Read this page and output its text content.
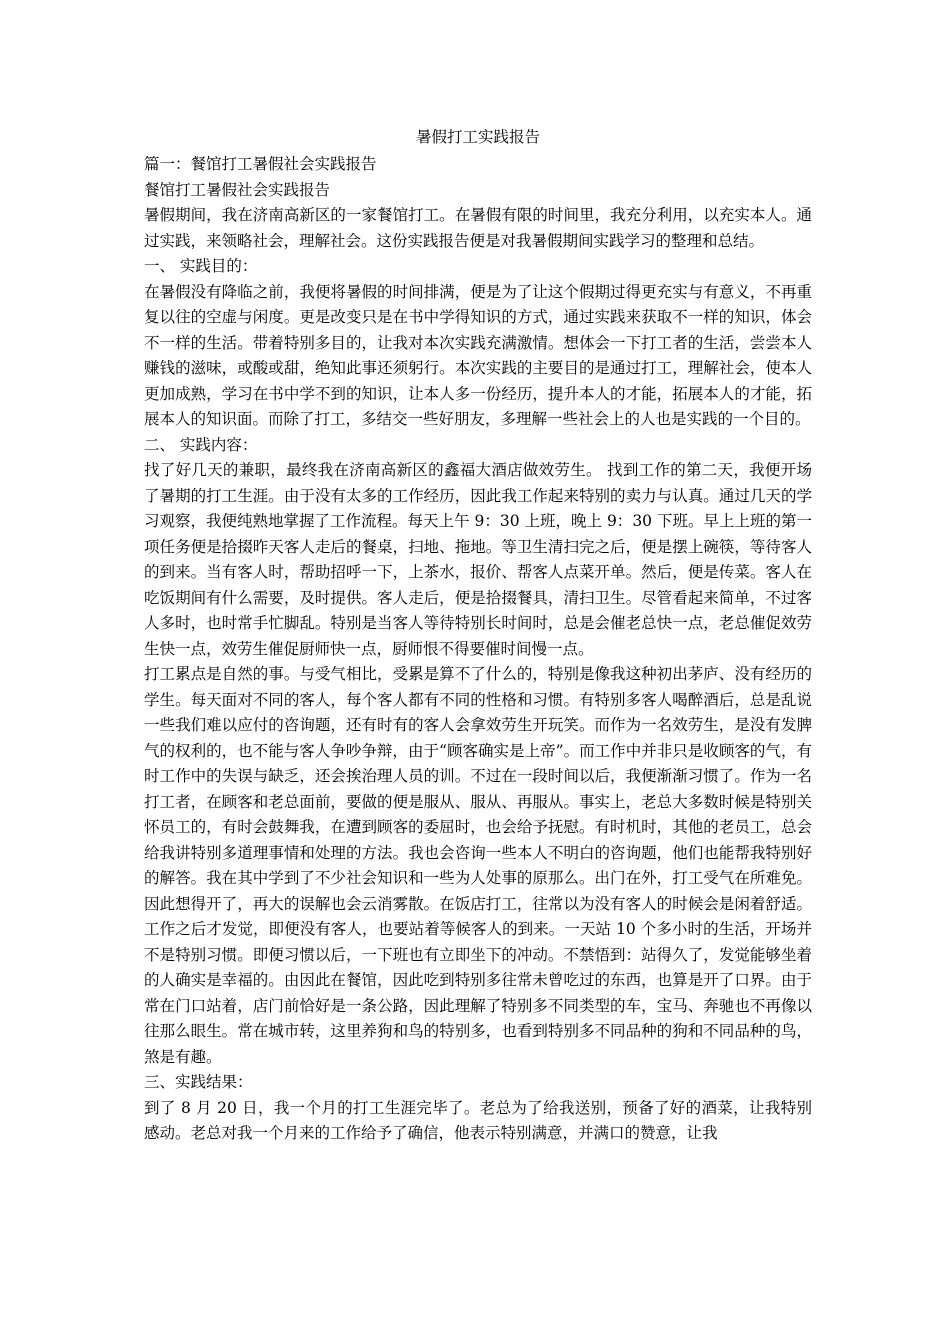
暑假打工实践报告

篇一：餐馆打工暑假社会实践报告

餐馆打工暑假社会实践报告

暑假期间，我在济南高新区的一家餐馆打工。在暑假有限的时间里，我充分利用，以充实本人。通过实践，来领略社会，理解社会。这份实践报告便是对我暑假期间实践学习的整理和总结。

一、 实践目的：

在暑假没有降临之前，我便将暑假的时间排满，便是为了让这个假期过得更充实与有意义，不再重复以往的空虚与闲度。更是改变只是在书中学得知识的方式，通过实践来获取不一样的知识，体会不一样的生活。带着特别多目的，让我对本次实践充满激情。想体会一下打工者的生活，尝尝本人赚钱的滋味，或酸或甜，绝知此事还须躬行。本次实践的主要目的是通过打工，理解社会，使本人更加成熟，学习在书中学不到的知识，让本人多一份经历，提升本人的才能，拓展本人的才能，拓展本人的知识面。而除了打工，多结交一些好朋友，多理解一些社会上的人也是实践的一个目的。

二、 实践内容：

找了好几天的兼职，最终我在济南高新区的鑫福大酒店做效劳生。 找到工作的第二天，我便开场了暑期的打工生涯。由于没有太多的工作经历，因此我工作起来特别的卖力与认真。通过几天的学习观察，我便纯熟地掌握了工作流程。每天上午 9：30 上班，晚上 9：30 下班。早上上班的第一项任务便是拾掇昨天客人走后的餐桌，扫地、拖地。等卫生清扫完之后，便是摆上碗筷，等待客人的到来。当有客人时，帮助招呼一下，上茶水，报价、帮客人点菜开单。然后，便是传菜。客人在吃饭期间有什么需要，及时提供。客人走后，便是拾掇餐具，清扫卫生。尽管看起来简单，不过客人多时，也时常手忙脚乱。特别是当客人等待特别长时间时，总是会催老总快一点，老总催促效劳生快一点，效劳生催促厨师快一点，厨师恨不得要催时间慢一点。

打工累点是自然的事。与受气相比，受累是算不了什么的，特别是像我这种初出茅庐、没有经历的学生。每天面对不同的客人，每个客人都有不同的性格和习惯。有特别多客人喝醉酒后，总是乱说一些我们难以应付的咨询题，还有时有的客人会拿效劳生开玩笑。而作为一名效劳生，是没有发脾气的权利的，也不能与客人争吵争辩，由于“顾客确实是上帝”。而工作中并非只是收顾客的气，有时工作中的失误与缺乏，还会挨治理人员的训。不过在一段时间以后，我便渐渐习惯了。作为一名打工者，在顾客和老总面前，要做的便是服从、服从、再服从。事实上，老总大多数时候是特别关怀员工的，有时会鼓舞我，在遭到顾客的委屈时，也会给予抚慰。有时机时，其他的老员工，总会给我讲特别多道理事情和处理的方法。我也会咨询一些本人不明白的咨询题，他们也能帮我特别好的解答。我在其中学到了不少社会知识和一些为人处事的原那么。出门在外，打工受气在所难免。因此想得开了，再大的误解也会云消雾散。在饭店打工，往常以为没有客人的时候会是闲着舒适。工作之后才发觉，即便没有客人，也要站着等候客人的到来。一天站 10 个多小时的生活，开场并不是特别习惯。即便习惯以后，一下班也有立即坐下的冲动。不禁悟到：站得久了，发觉能够坐着的人确实是幸福的。由因此在餐馆，因此吃到特别多往常未曾吃过的东西，也算是开了口界。由于常在门口站着，店门前恰好是一条公路，因此理解了特别多不同类型的车，宝马、奔驰也不再像以往那么眼生。常在城市转，这里养狗和鸟的特别多，也看到特别多不同品种的狗和不同品种的鸟，煞是有趣。

三、实践结果：

到了 8 月 20 日，我一个月的打工生涯完毕了。老总为了给我送别，预备了好的酒菜，让我特别感动。老总对我一个月来的工作给予了确信，他表示特别满意，并满口的赞意，让我
